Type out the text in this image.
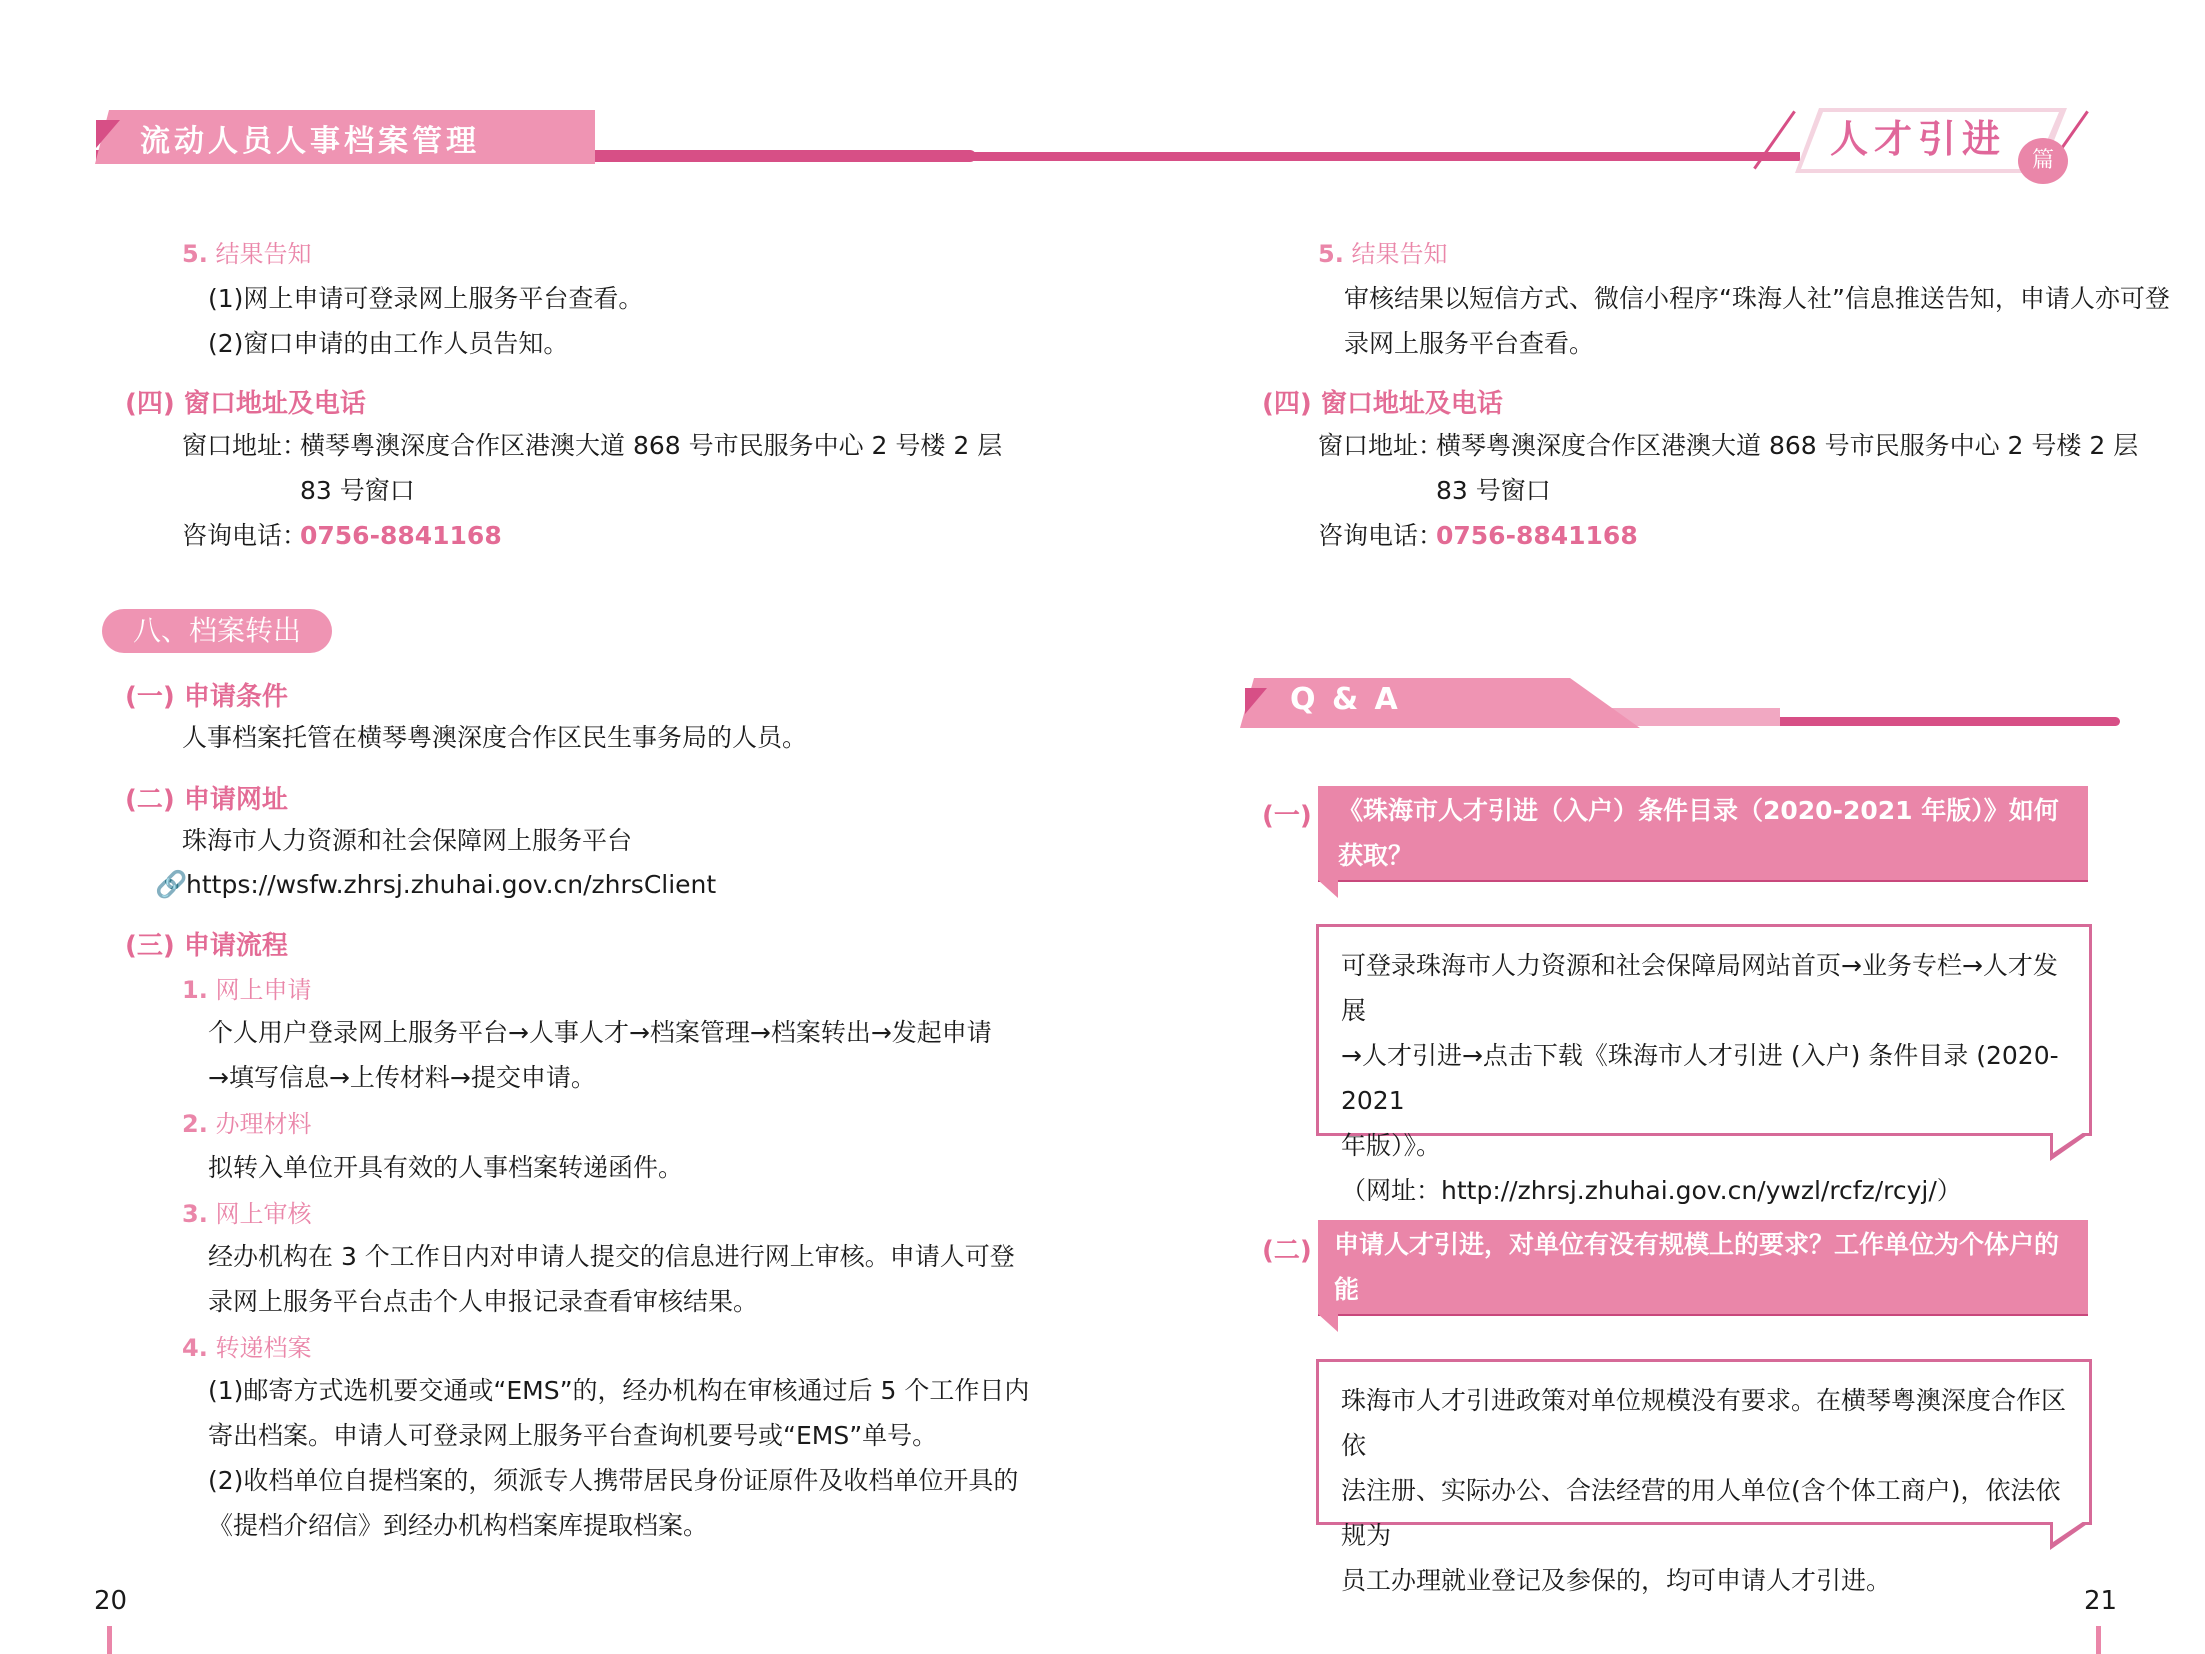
流动人员人事档案管理	人才引进	篇
5. 结果告知
(1)网上申请可登录网上服务平台查看。
(2)窗口申请的由工作人员告知。
(四) 窗口地址及电话
窗口地址：
横琴粤澳深度合作区港澳大道 868 号市民服务中心 2 号楼 2 层
83 号窗口
咨询电话：
0756-8841168
八、档案转出
(一) 申请条件
人事档案托管在横琴粤澳深度合作区民生事务局的人员。
(二) 申请网址
珠海市人力资源和社会保障网上服务平台
🔗
https://wsfw.zhrsj.zhuhai.gov.cn/zhrsClient
(三) 申请流程
1. 网上申请
个人用户登录网上服务平台→人事人才→档案管理→档案转出→发起申请
→填写信息→上传材料→提交申请。
2. 办理材料
拟转入单位开具有效的人事档案转递函件。
3. 网上审核
经办机构在 3 个工作日内对申请人提交的信息进行网上审核。申请人可登
录网上服务平台点击个人申报记录查看审核结果。
4. 转递档案
(1)邮寄方式选机要交通或“EMS”的，经办机构在审核通过后 5 个工作日内
寄出档案。申请人可登录网上服务平台查询机要号或“EMS”单号。
(2)收档单位自提档案的，须派专人携带居民身份证原件及收档单位开具的
《提档介绍信》到经办机构档案库提取档案。
20
5. 结果告知
审核结果以短信方式、微信小程序“珠海人社”信息推送告知，申请人亦可登
录网上服务平台查看。
(四) 窗口地址及电话
窗口地址：
横琴粤澳深度合作区港澳大道 868 号市民服务中心 2 号楼 2 层
83 号窗口
咨询电话：
0756-8841168
Q & A
(一) 《珠海市人才引进（入户）条件目录（2020-2021 年版）》如何
获取？
可登录珠海市人力资源和社会保障局网站首页→业务专栏→人才发展
→人才引进→点击下载《珠海市人才引进 (入户) 条件目录 (2020-2021
年版）》。
（网址：http://zhrsj.zhuhai.gov.cn/ywzl/rcfz/rcyj/）
(二) 申请人才引进，对单位有没有规模上的要求？工作单位为个体户的能
否申请?
珠海市人才引进政策对单位规模没有要求。在横琴粤澳深度合作区依
法注册、实际办公、合法经营的用人单位(含个体工商户)，依法依规为
员工办理就业登记及参保的，均可申请人才引进。
21
